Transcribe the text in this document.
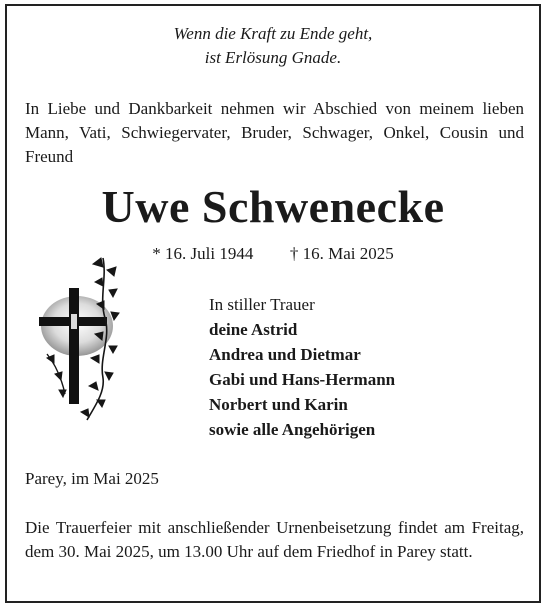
Wenn die Kraft zu Ende geht,
ist Erlösung Gnade.
In Liebe und Dankbarkeit nehmen wir Abschied von meinem lieben Mann, Vati, Schwiegervater, Bruder, Schwager, Onkel, Cousin und Freund
Uwe Schwenecke
* 16. Juli 1944 † 16. Mai 2025
In stiller Trauer
deine Astrid
Andrea und Dietmar
Gabi und Hans-Hermann
Norbert und Karin
sowie alle Angehörigen
Parey, im Mai 2025
Die Trauerfeier mit anschließender Urnenbeisetzung findet am Freitag, dem 30. Mai 2025, um 13.00 Uhr auf dem Friedhof in Parey statt.
